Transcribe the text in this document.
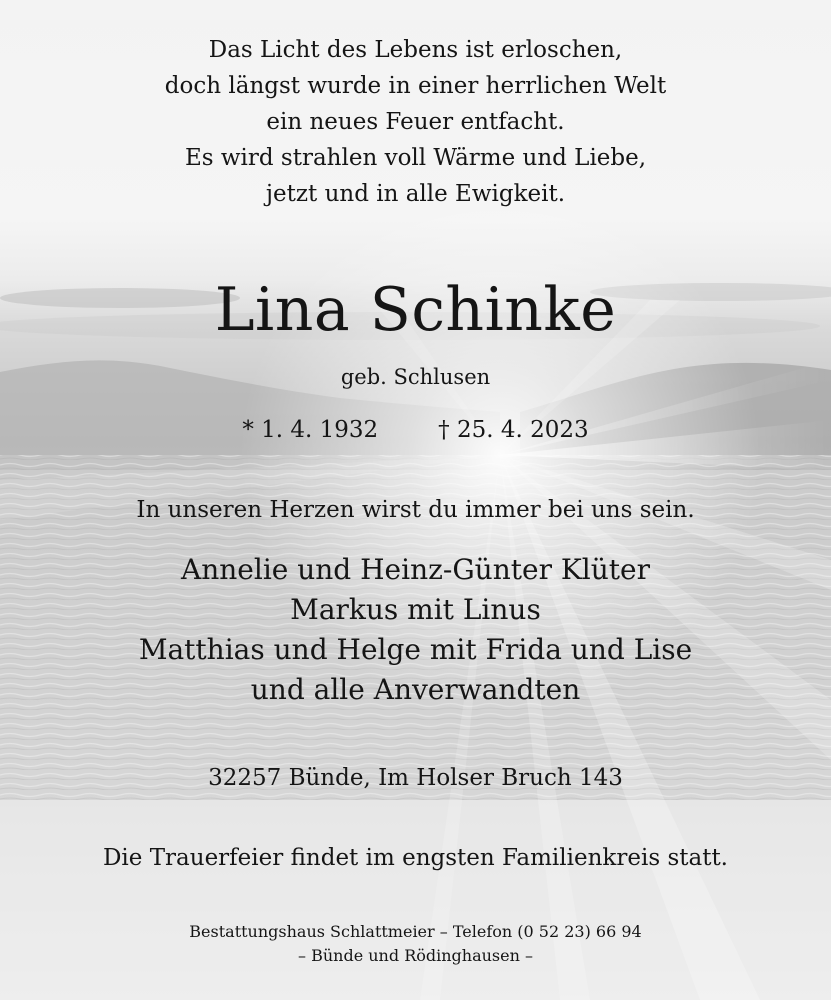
Das Licht des Lebens ist erloschen,
doch längst wurde in einer herrlichen Welt
ein neues Feuer entfacht.
Es wird strahlen voll Wärme und Liebe,
jetzt und in alle Ewigkeit.
Lina Schinke
geb. Schlusen
* 1. 4. 1932	† 25. 4. 2023
In unseren Herzen wirst du immer bei uns sein.
Annelie und Heinz-Günter Klüter
Markus mit Linus
Matthias und Helge mit Frida und Lise
und alle Anverwandten
32257 Bünde, Im Holser Bruch 143
Die Trauerfeier findet im engsten Familienkreis statt.
Bestattungshaus Schlattmeier – Telefon (0 52 23) 66 94
– Bünde und Rödinghausen –
